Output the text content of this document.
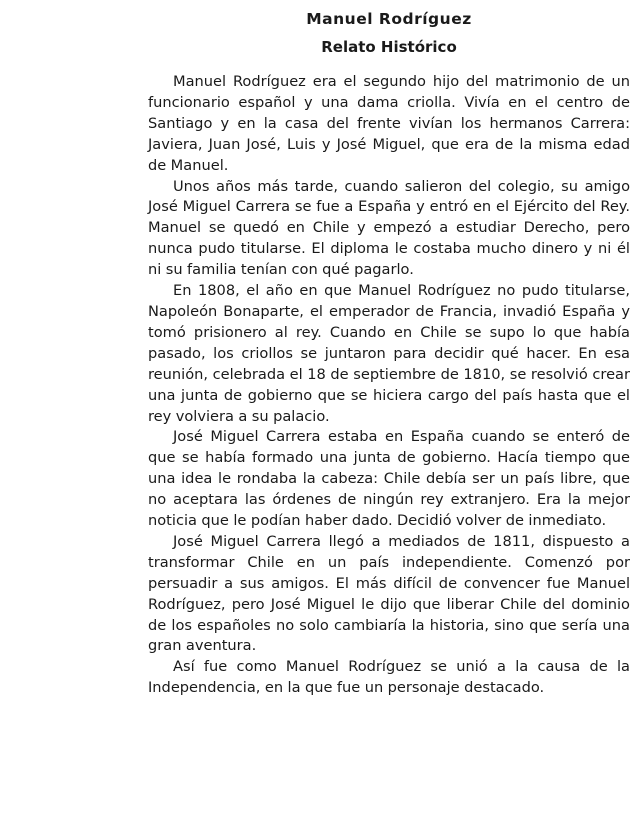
Manuel Rodríguez
Relato Histórico

Manuel Rodríguez era el segundo hijo del matrimonio de un funcionario español y una dama criolla. Vivía en el centro de Santiago y en la casa del frente vivían los hermanos Carrera: Javiera, Juan José, Luis y José Miguel, que era de la misma edad de Manuel.

Unos años más tarde, cuando salieron del colegio, su amigo José Miguel Carrera se fue a España y entró en el Ejército del Rey. Manuel se quedó en Chile y empezó a estudiar Derecho, pero nunca pudo titularse. El diploma le costaba mucho dinero y ni él ni su familia tenían con qué pagarlo.

En 1808, el año en que Manuel Rodríguez no pudo titularse, Napoleón Bonaparte, el emperador de Francia, invadió España y tomó prisionero al rey. Cuando en Chile se supo lo que había pasado, los criollos se juntaron para decidir qué hacer. En esa reunión, celebrada el 18 de septiembre de 1810, se resolvió crear una junta de gobierno que se hiciera cargo del país hasta que el rey volviera a su palacio.

José Miguel Carrera estaba en España cuando se enteró de que se había formado una junta de gobierno. Hacía tiempo que una idea le rondaba la cabeza: Chile debía ser un país libre, que no aceptara las órdenes de ningún rey extranjero. Era la mejor noticia que le podían haber dado. Decidió volver de inmediato.

José Miguel Carrera llegó a mediados de 1811, dispuesto a transformar Chile en un país independiente. Comenzó por persuadir a sus amigos. El más difícil de convencer fue Manuel Rodríguez, pero José Miguel le dijo que liberar Chile del dominio de los españoles no solo cambiaría la historia, sino que sería una gran aventura.

Así fue como Manuel Rodríguez se unió a la causa de la Independencia, en la que fue un personaje destacado.
